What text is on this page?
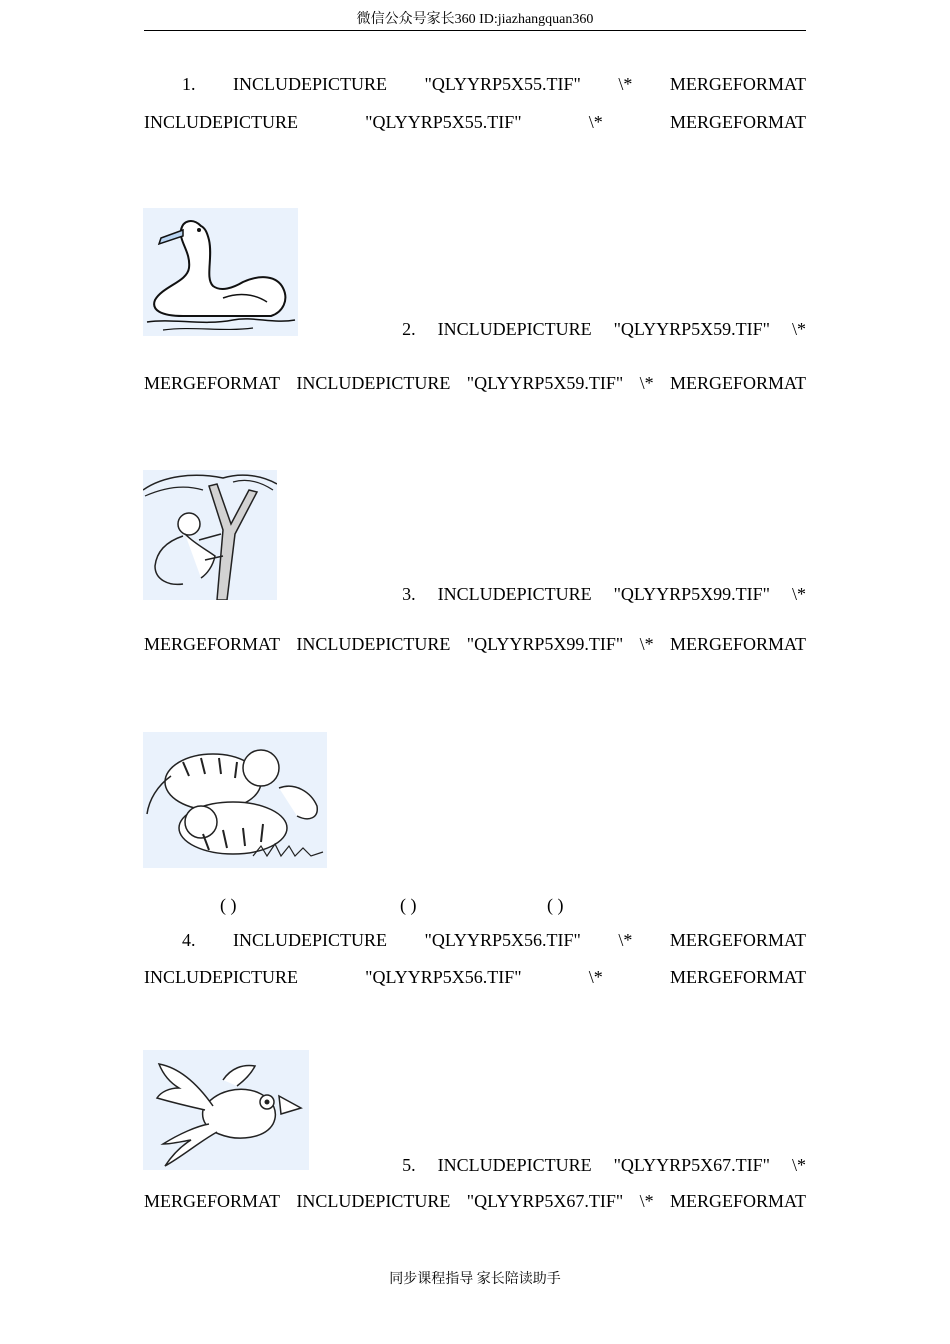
微信公众号家长360 ID:jiazhangquan360
1. INCLUDEPICTURE "QLYYRP5X55.TIF" \* MERGEFORMAT
INCLUDEPICTURE	"QLYYRP5X55.TIF"	\*	MERGEFORMAT
2. INCLUDEPICTURE "QLYYRP5X59.TIF" \*
MERGEFORMAT INCLUDEPICTURE "QLYYRP5X59.TIF" \* MERGEFORMAT
3. INCLUDEPICTURE "QLYYRP5X99.TIF" \*
MERGEFORMAT INCLUDEPICTURE "QLYYRP5X99.TIF" \* MERGEFORMAT
( )	( )	( )
4. INCLUDEPICTURE "QLYYRP5X56.TIF" \* MERGEFORMAT
INCLUDEPICTURE	"QLYYRP5X56.TIF"	\*	MERGEFORMAT
5. INCLUDEPICTURE "QLYYRP5X67.TIF" \*
MERGEFORMAT INCLUDEPICTURE "QLYYRP5X67.TIF" \* MERGEFORMAT
同步课程指导 家长陪读助手
